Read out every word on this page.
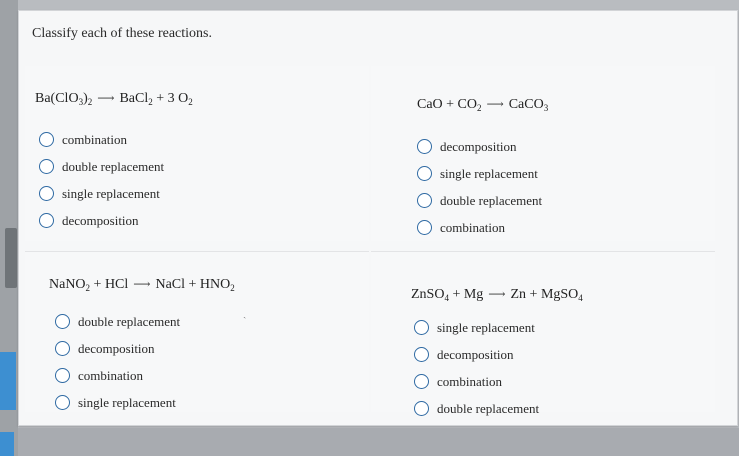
Classify each of these reactions.
$Ba(ClO_3)_2$ ⟶ BaCl$_2$ + 3 $O_2$
combination
double replacement
single replacement
decomposition
CaO + $CO_2$ ⟶ CaCO$_3$
decomposition
single replacement
double replacement
combination
NaNO$_2$ + HCl ⟶ NaCl + $HNO_2$
double replacement
decomposition
combination
single replacement
ˏ
ZnSO$_4$ + Mg ⟶ Zn + MgSO$_4$
single replacement
decomposition
combination
double replacement
